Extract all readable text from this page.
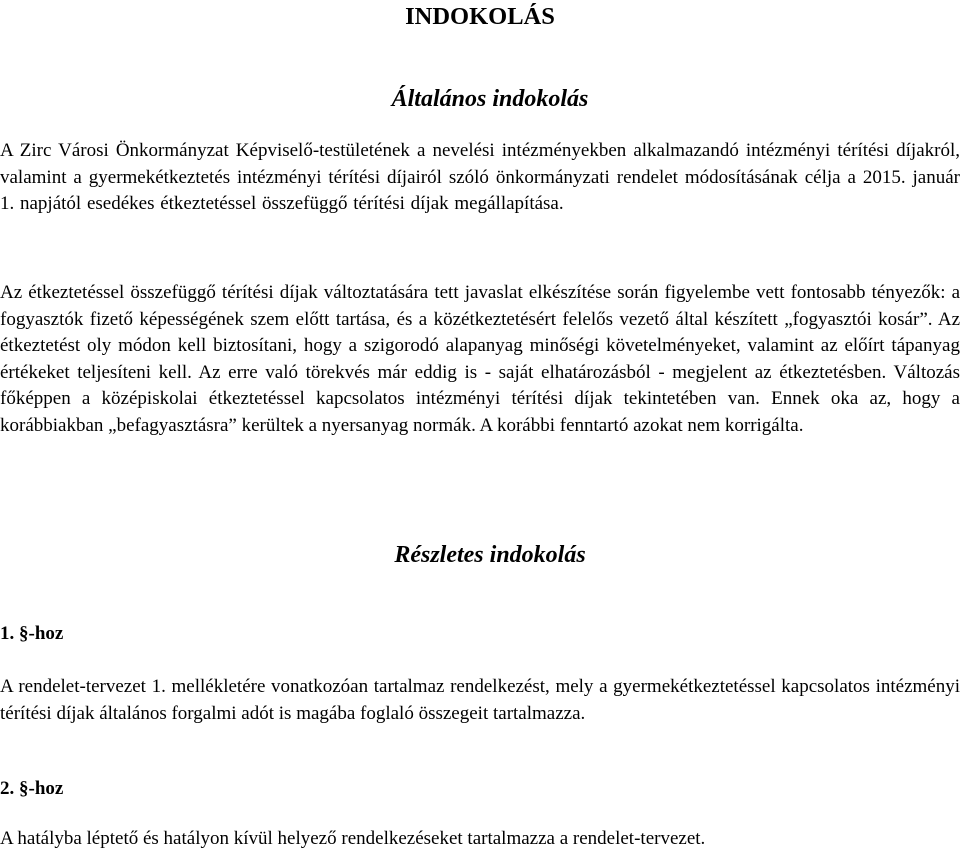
INDOKOLÁS
Általános indokolás

A Zirc Városi Önkormányzat Képviselő-testületének a nevelési intézményekben alkalmazandó intézményi térítési díjakról, valamint a gyermekétkeztetés intézményi térítési díjairól szóló önkormányzati rendelet módosításának célja a 2015. január 1. napjától esedékes étkeztetéssel összefüggő térítési díjak megállapítása.

Az étkeztetéssel összefüggő térítési díjak változtatására tett javaslat elkészítése során figyelembe vett fontosabb tényezők: a fogyasztók fizető képességének szem előtt tartása, és a közétkeztetésért felelős vezető által készített „fogyasztói kosár”. Az étkeztetést oly módon kell biztosítani, hogy a szigorodó alapanyag minőségi követelményeket, valamint az előírt tápanyag értékeket teljesíteni kell. Az erre való törekvés már eddig is - saját elhatározásból - megjelent az étkeztetésben. Változás főképpen a középiskolai étkeztetéssel kapcsolatos intézményi térítési díjak tekintetében van. Ennek oka az, hogy a korábbiakban „befagyasztásra” kerültek a nyersanyag normák. A korábbi fenntartó azokat nem korrigálta.

Részletes indokolás
1. §-hoz

A rendelet-tervezet 1. mellékletére vonatkozóan tartalmaz rendelkezést, mely a gyermekétkeztetéssel kapcsolatos intézményi térítési díjak általános forgalmi adót is magába foglaló összegeit tartalmazza.

2. §-hoz

A hatályba léptető és hatályon kívül helyező rendelkezéseket tartalmazza a rendelet-tervezet.
